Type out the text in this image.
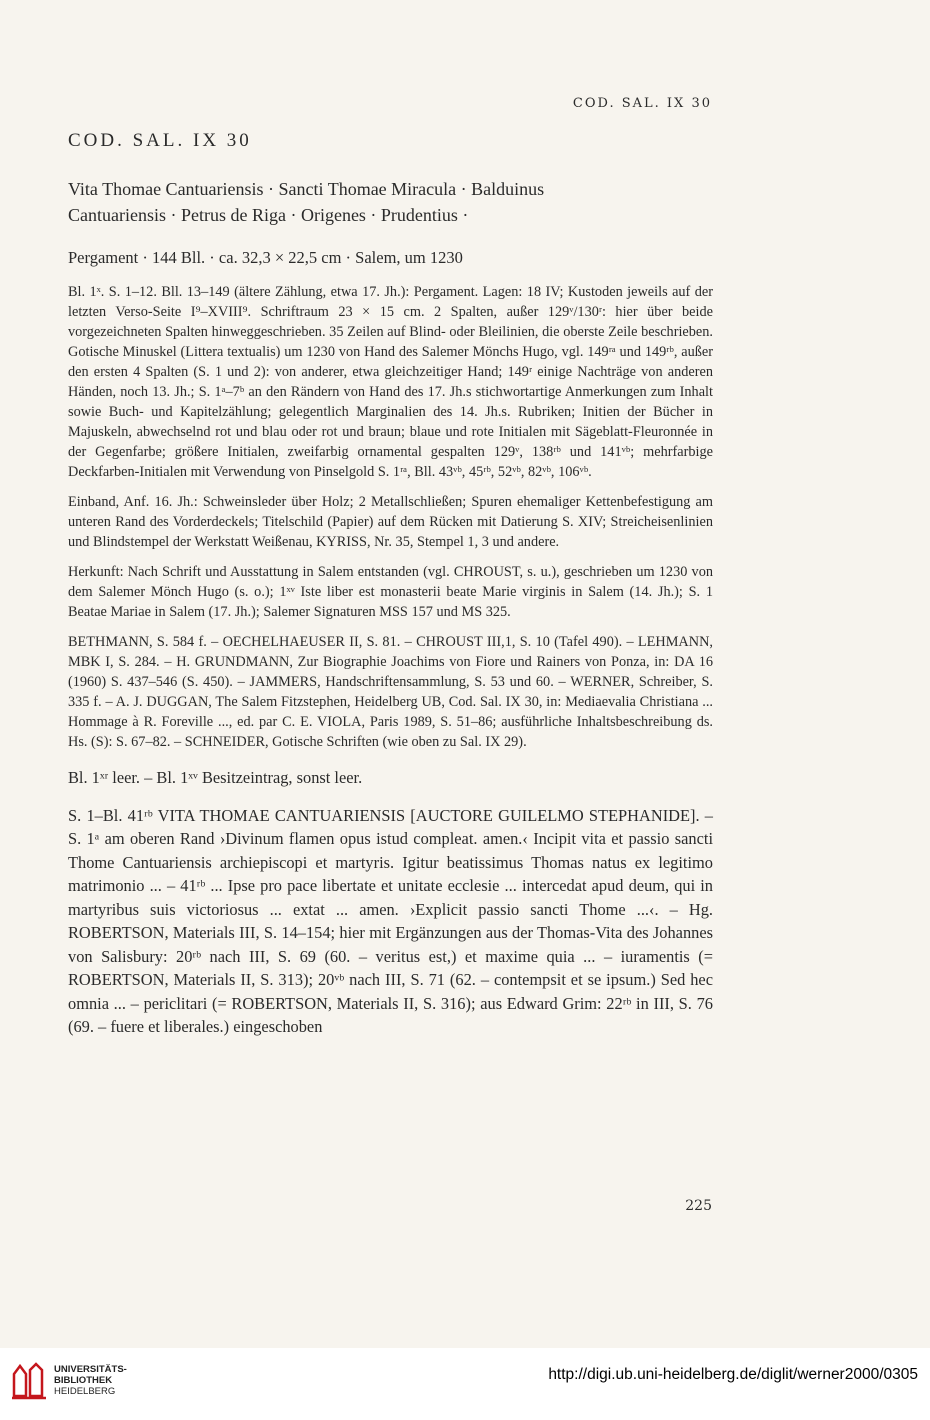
COD. SAL. IX 30
COD. SAL. IX 30
Vita Thomae Cantuariensis · Sancti Thomae Miracula · Balduinus
Cantuariensis · Petrus de Riga · Origenes · Prudentius ·
Pergament · 144 Bll. · ca. 32,3 × 22,5 cm · Salem, um 1230

Bl. 1ˣ. S. 1–12. Bll. 13–149 (ältere Zählung, etwa 17. Jh.): Pergament. Lagen: 18 IV; Kustoden jeweils auf der letzten Verso-Seite I⁹–XVIII⁹. Schriftraum 23 × 15 cm. 2 Spalten, außer 129ᵛ/130ʳ: hier über beide vorgezeichneten Spalten hinweggeschrieben. 35 Zeilen auf Blind- oder Bleilinien, die oberste Zeile beschrieben. Gotische Minuskel (Littera textualis) um 1230 von Hand des Salemer Mönchs Hugo, vgl. 149ʳᵃ und 149ʳᵇ, außer den ersten 4 Spalten (S. 1 und 2): von anderer, etwa gleichzeitiger Hand; 149ʳ einige Nachträge von anderen Händen, noch 13. Jh.; S. 1ᵃ–7ᵇ an den Rändern von Hand des 17. Jh.s stichwortartige Anmerkungen zum Inhalt sowie Buch- und Kapitelzählung; gelegentlich Marginalien des 14. Jh.s. Rubriken; Initien der Bücher in Majuskeln, abwechselnd rot und blau oder rot und braun; blaue und rote Initialen mit Sägeblatt-Fleuronnée in der Gegenfarbe; größere Initialen, zweifarbig ornamental gespalten 129ᵛ, 138ʳᵇ und 141ᵛᵇ; mehrfarbige Deckfarben-Initialen mit Verwendung von Pinselgold S. 1ʳᵃ, Bll. 43ᵛᵇ, 45ʳᵇ, 52ᵛᵇ, 82ᵛᵇ, 106ᵛᵇ.

Einband, Anf. 16. Jh.: Schweinsleder über Holz; 2 Metallschließen; Spuren ehemaliger Kettenbefestigung am unteren Rand des Vorderdeckels; Titelschild (Papier) auf dem Rücken mit Datierung S. XIV; Streicheisenlinien und Blindstempel der Werkstatt Weißenau, KYRISS, Nr. 35, Stempel 1, 3 und andere.

Herkunft: Nach Schrift und Ausstattung in Salem entstanden (vgl. CHROUST, s. u.), geschrieben um 1230 von dem Salemer Mönch Hugo (s. o.); 1ˣᵛ Iste liber est monasterii beate Marie virginis in Salem (14. Jh.); S. 1 Beatae Mariae in Salem (17. Jh.); Salemer Signaturen MSS 157 und MS 325.

BETHMANN, S. 584 f. – OECHELHAEUSER II, S. 81. – CHROUST III,1, S. 10 (Tafel 490). – LEHMANN, MBK I, S. 284. – H. GRUNDMANN, Zur Biographie Joachims von Fiore und Rainers von Ponza, in: DA 16 (1960) S. 437–546 (S. 450). – JAMMERS, Handschriftensammlung, S. 53 und 60. – WERNER, Schreiber, S. 335 f. – A. J. DUGGAN, The Salem Fitzstephen, Heidelberg UB, Cod. Sal. IX 30, in: Mediaevalia Christiana ... Hommage à R. Foreville ..., ed. par C. E. VIOLA, Paris 1989, S. 51–86; ausführliche Inhaltsbeschreibung ds. Hs. (S): S. 67–82. – SCHNEIDER, Gotische Schriften (wie oben zu Sal. IX 29).

Bl. 1ˣʳ leer. – Bl. 1ˣᵛ Besitzeintrag, sonst leer.

S. 1–Bl. 41ʳᵇ VITA THOMAE CANTUARIENSIS [AUCTORE GUILELMO STEPHANIDE]. – S. 1ᵃ am oberen Rand ›Divinum flamen opus istud compleat. amen.‹ Incipit vita et passio sancti Thome Cantuariensis archiepiscopi et martyris. Igitur beatissimus Thomas natus ex legitimo matrimonio ... – 41ʳᵇ ... Ipse pro pace libertate et unitate ecclesie ... intercedat apud deum, qui in martyribus suis victoriosus ... extat ... amen. ›Explicit passio sancti Thome ...‹. – Hg. ROBERTSON, Materials III, S. 14–154; hier mit Ergänzungen aus der Thomas-Vita des Johannes von Salisbury: 20ʳᵇ nach III, S. 69 (60. – veritus est,) et maxime quia ... – iuramentis (= ROBERTSON, Materials II, S. 313); 20ᵛᵇ nach III, S. 71 (62. – contempsit et se ipsum.) Sed hec omnia ... – periclitari (= ROBERTSON, Materials II, S. 316); aus Edward Grim: 22ʳᵇ in III, S. 76 (69. – fuere et liberales.) eingeschoben

225
UNIVERSITÄTS-
BIBLIOTHEK
HEIDELBERG
http://digi.ub.uni-heidelberg.de/diglit/werner2000/0305
